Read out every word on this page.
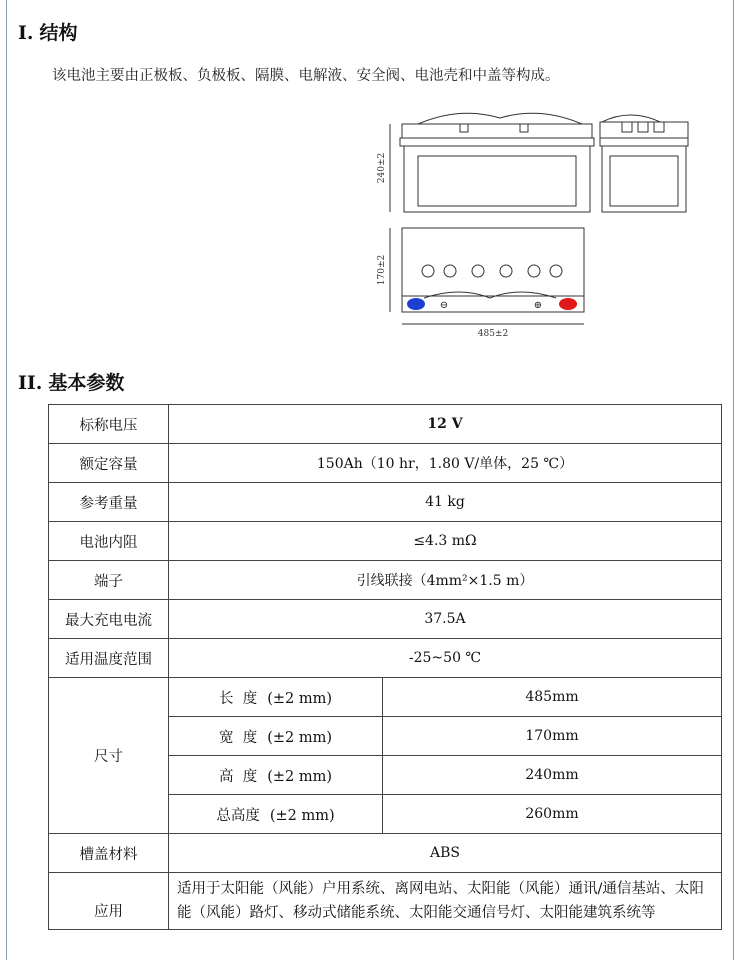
I. 结构
该电池主要由正极板、负极板、隔膜、电解液、安全阀、电池壳和中盖等构成。
⊖	⊕
240±2
170±2
485±2
II. 基本参数
标称电压	12 V	
额定容量	150Ah（10 hr，1.80 V/单体，25 ℃）	
参考重量	41 kg	
电池内阻	≤4.3 mΩ	
端子	引线联接（4mm²×1.5 m）	
最大充电电流	37.5A	
适用温度范围	-25~50 ℃	
尺寸	长  度 (±2 mm)	485mm
	宽  度 (±2 mm)	170mm
	高  度 (±2 mm)	240mm
	总高度 (±2 mm)	260mm
槽盖材料	ABS	
应用	适用于太阳能（风能）户用系统、离网电站、太阳能（风能）通讯/通信基站、太阳能（风能）路灯、移动式储能系统、太阳能交通信号灯、太阳能建筑系统等	
